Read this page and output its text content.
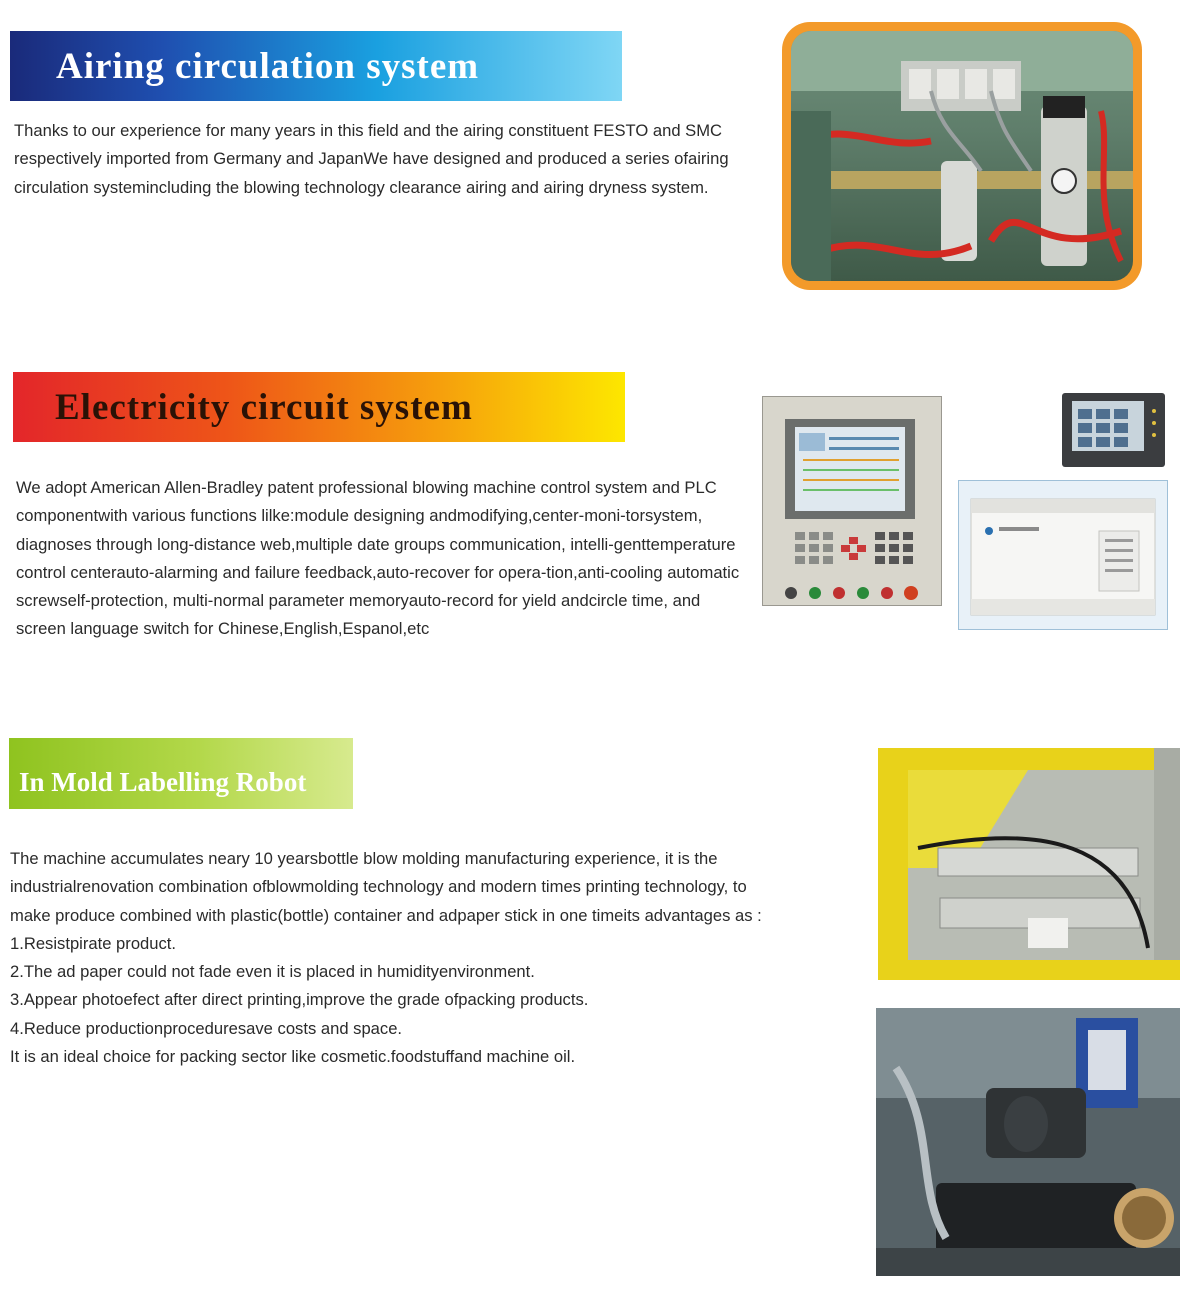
Airing circulation system

Thanks to our experience for many years in this field and the airing constituent FESTO and SMC respectively imported from Germany and JapanWe have designed and produced a series ofairing circulation systemincluding the blowing technology clearance airing and airing dryness system.

Electricity circuit system

We adopt American Allen-Bradley patent professional blowing machine control system and PLC componentwith various functions lilke:module designing andmodifying,center-moni-torsystem, diagnoses through long-distance web,multiple date groups communication, intelli-genttemperature control centerauto-alarming and failure feedback,auto-recover for opera-tion,anti-cooling automatic screwself-protection, multi-normal parameter memoryauto-record for yield andcircle time, and screen language switch for Chinese,English,Espanol,etc

In Mold Labelling Robot

The machine accumulates neary 10 yearsbottle blow molding manufacturing experience, it is the industrialrenovation combination ofblowmolding technology and modern times printing technology, to make produce combined with plastic(bottle) container and adpaper stick in one timeits advantages as :

1.Resistpirate product.

2.The ad paper could not fade even it is placed in humidityenvironment.

3.Appear photoefect after direct printing,improve the grade ofpacking products.

4.Reduce productionproceduresave costs and space.

It is an ideal choice for packing sector like cosmetic.foodstuffand machine oil.
